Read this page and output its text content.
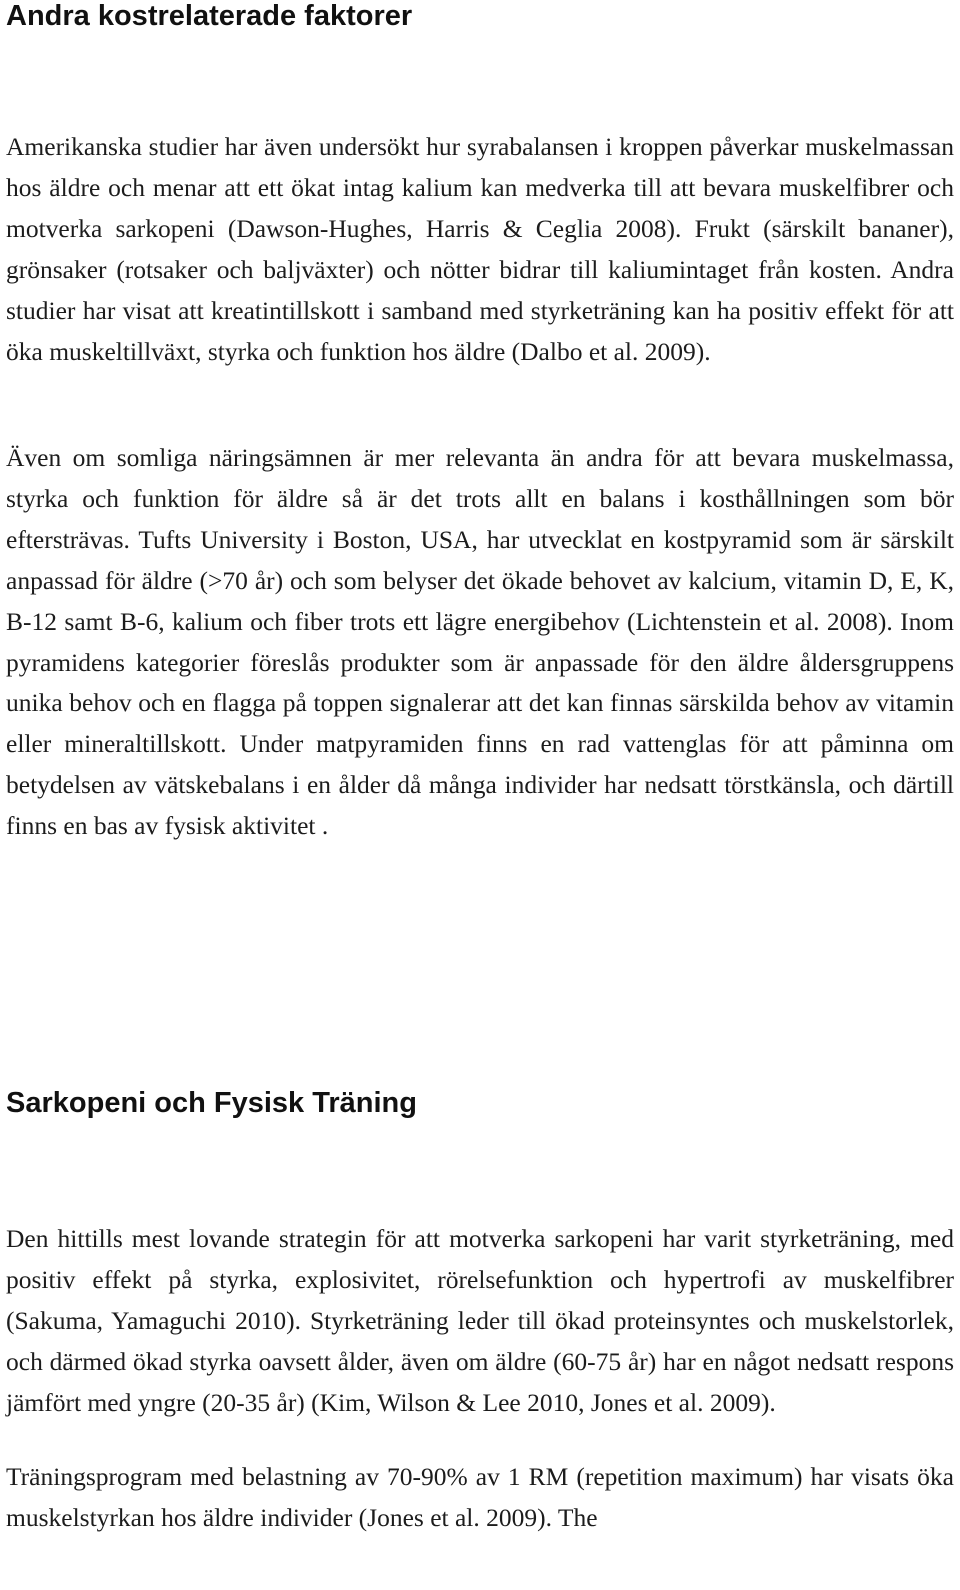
Andra kostrelaterade faktorer

Amerikanska studier har även undersökt hur syrabalansen i kroppen påverkar muskelmassan hos äldre och menar att ett ökat intag kalium kan medverka till att bevara muskelfibrer och motverka sarkopeni (Dawson-Hughes, Harris & Ceglia 2008). Frukt (särskilt bananer), grönsaker (rotsaker och baljväxter) och nötter bidrar till kaliumintaget från kosten. Andra studier har visat att kreatintillskott i samband med styrketräning kan ha positiv effekt för att öka muskeltillväxt, styrka och funktion hos äldre (Dalbo et al. 2009).

Även om somliga näringsämnen är mer relevanta än andra för att bevara muskelmassa, styrka och funktion för äldre så är det trots allt en balans i kosthållningen som bör eftersträvas. Tufts University i Boston, USA, har utvecklat en kostpyramid som är särskilt anpassad för äldre (>70 år) och som belyser det ökade behovet av kalcium, vitamin D, E, K, B-12 samt B-6, kalium och fiber trots ett lägre energibehov (Lichtenstein et al. 2008). Inom pyramidens kategorier föreslås produkter som är anpassade för den äldre åldersgruppens unika behov och en flagga på toppen signalerar att det kan finnas särskilda behov av vitamin eller mineraltillskott. Under matpyramiden finns en rad vattenglas för att påminna om betydelsen av vätskebalans i en ålder då många individer har nedsatt törstkänsla, och därtill finns en bas av fysisk aktivitet .

Sarkopeni och Fysisk Träning

Den hittills mest lovande strategin för att motverka sarkopeni har varit styrketräning, med positiv effekt på styrka, explosivitet, rörelsefunktion och hypertrofi av muskelfibrer (Sakuma, Yamaguchi 2010). Styrketräning leder till ökad proteinsyntes och muskelstorlek, och därmed ökad styrka oavsett ålder, även om äldre (60-75 år) har en något nedsatt respons jämfört med yngre (20-35 år) (Kim, Wilson & Lee 2010, Jones et al. 2009).

Träningsprogram med belastning av 70-90% av 1 RM (repetition maximum) har visats öka muskelstyrkan hos äldre individer (Jones et al. 2009). The
